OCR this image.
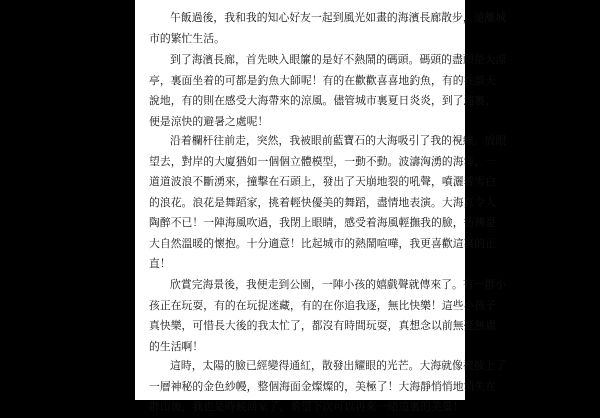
午飯過後，我和我的知心好友一起到風光如畫的海濱長廊散步，遠離城
市的繁忙生活。

到了海濱長廊，首先映入眼簾的是好不熱鬧的碼頭。碼頭的盡頭是大涼
亭，裏面坐着的可都是釣魚大師呢！有的在歡歡喜喜地釣魚，有的在談天
說地，有的則在感受大海帶來的涼風。儘管城市裏夏日炎炎，到了這裏，
便是涼快的避暑之處呢！

沿着欄杆往前走，突然，我被眼前藍寶石的大海吸引了我的視線。放眼
望去，對岸的大廈猶如一個個立體模型，一動不動。波濤洶湧的海洋，一
道道波浪不斷湧來，撞擊在石頭上，發出了天崩地裂的吼聲，噴灑着雪白
的浪花。浪花是舞蹈家，挑着輕快優美的舞蹈，盡情地表演。大海真令人
陶醉不已！一陣海風吹過，我閉上眼睛，感受着海風輕撫我的臉，彷彿是
大自然溫暖的懷抱。十分適意！比起城市的熱鬧喧嘩，我更喜歡這裏的正
直！

欣賞完海景後，我便走到公園，一陣小孩的嬉戲聲就傳來了。有一群小
孩正在玩耍，有的在玩捉迷藏，有的在你追我逐，無比快樂！這些小孩子
真快樂，可惜長大後的我太忙了，都沒有時間玩耍，真想念以前無憂無慮
的生活啊！

這時，太陽的臉已經變得通紅，散發出耀眼的光芒。大海就像被披上了
一層神秘的金色紗幔，整個海面金燦燦的，美極了！大海靜悄悄地消失在
群山後，我也是時候回家了，希望下次可以再來一睹這裏的美景！
